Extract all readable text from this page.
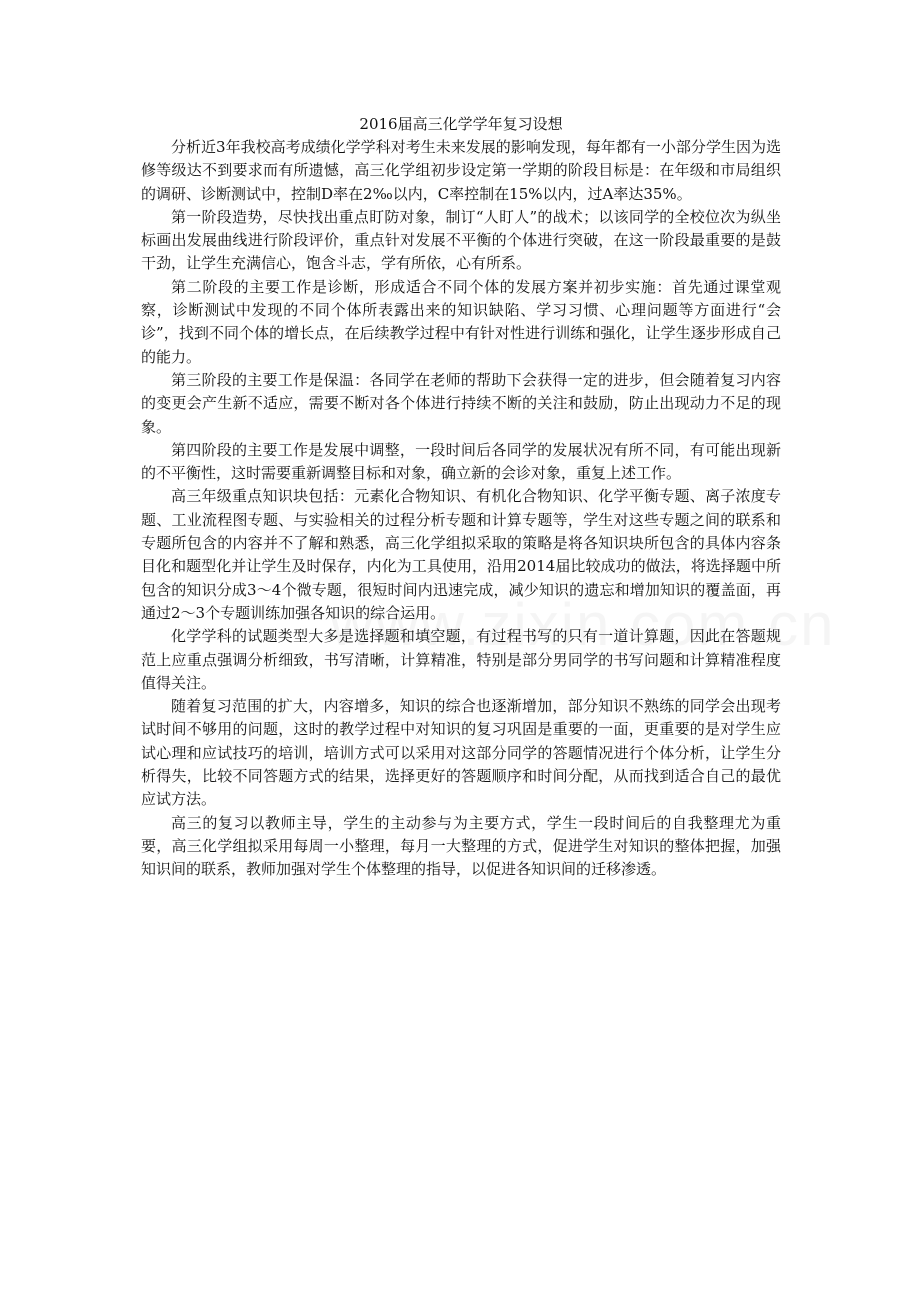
2016届高三化学学年复习设想

分析近3年我校高考成绩化学学科对考生未来发展的影响发现，每年都有一小部分学生因为选修等级达不到要求而有所遗憾，高三化学组初步设定第一学期的阶段目标是：在年级和市局组织的调研、诊断测试中，控制D率在2‰以内，C率控制在15%以内，过A率达35%。

第一阶段造势，尽快找出重点盯防对象，制订“人盯人”的战术；以该同学的全校位次为纵坐标画出发展曲线进行阶段评价，重点针对发展不平衡的个体进行突破，在这一阶段最重要的是鼓干劲，让学生充满信心，饱含斗志，学有所依，心有所系。

第二阶段的主要工作是诊断，形成适合不同个体的发展方案并初步实施：首先通过课堂观察，诊断测试中发现的不同个体所表露出来的知识缺陷、学习习惯、心理问题等方面进行“会诊”，找到不同个体的增长点，在后续教学过程中有针对性进行训练和强化，让学生逐步形成自己的能力。

第三阶段的主要工作是保温：各同学在老师的帮助下会获得一定的进步，但会随着复习内容的变更会产生新不适应，需要不断对各个体进行持续不断的关注和鼓励，防止出现动力不足的现象。

第四阶段的主要工作是发展中调整，一段时间后各同学的发展状况有所不同，有可能出现新的不平衡性，这时需要重新调整目标和对象，确立新的会诊对象，重复上述工作。

高三年级重点知识块包括：元素化合物知识、有机化合物知识、化学平衡专题、离子浓度专题、工业流程图专题、与实验相关的过程分析专题和计算专题等，学生对这些专题之间的联系和专题所包含的内容并不了解和熟悉，高三化学组拟采取的策略是将各知识块所包含的具体内容条目化和题型化并让学生及时保存，内化为工具使用，沿用2014届比较成功的做法，将选择题中所包含的知识分成3～4个微专题，很短时间内迅速完成，减少知识的遗忘和增加知识的覆盖面，再通过2～3个专题训练加强各知识的综合运用。

化学学科的试题类型大多是选择题和填空题，有过程书写的只有一道计算题，因此在答题规范上应重点强调分析细致，书写清晰，计算精准，特别是部分男同学的书写问题和计算精准程度值得关注。

随着复习范围的扩大，内容增多，知识的综合也逐渐增加，部分知识不熟练的同学会出现考试时间不够用的问题，这时的教学过程中对知识的复习巩固是重要的一面，更重要的是对学生应试心理和应试技巧的培训，培训方式可以采用对这部分同学的答题情况进行个体分析，让学生分析得失，比较不同答题方式的结果，选择更好的答题顺序和时间分配，从而找到适合自己的最优应试方法。

高三的复习以教师主导，学生的主动参与为主要方式，学生一段时间后的自我整理尤为重要，高三化学组拟采用每周一小整理，每月一大整理的方式，促进学生对知识的整体把握，加强知识间的联系，教师加强对学生个体整理的指导，以促进各知识间的迁移渗透。
